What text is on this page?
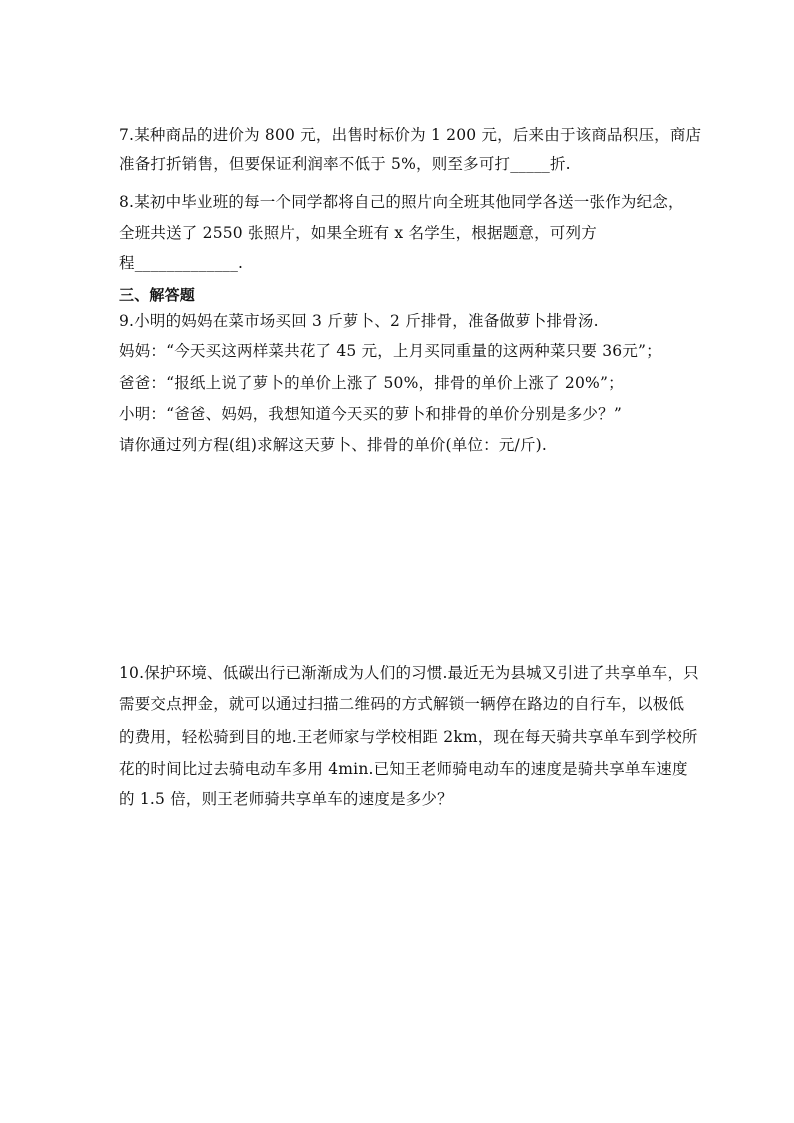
7.某种商品的进价为 800 元，出售时标价为 1 200 元，后来由于该商品积压，商店
准备打折销售，但要保证利润率不低于 5%，则至多可打_____折.
8.某初中毕业班的每一个同学都将自己的照片向全班其他同学各送一张作为纪念，
全班共送了 2550 张照片，如果全班有 x 名学生，根据题意，可列方
程_____________.
三、解答题
9.小明的妈妈在菜市场买回 3 斤萝卜、2 斤排骨，准备做萝卜排骨汤.
妈妈：“今天买这两样菜共花了 45 元，上月买同重量的这两种菜只要 36元”；
爸爸：“报纸上说了萝卜的单价上涨了 50%，排骨的单价上涨了 20%”；
小明：“爸爸、妈妈，我想知道今天买的萝卜和排骨的单价分别是多少？”
请你通过列方程(组)求解这天萝卜、排骨的单价(单位：元/斤).
10.保护环境、低碳出行已渐渐成为人们的习惯.最近无为县城又引进了共享单车，只
需要交点押金，就可以通过扫描二维码的方式解锁一辆停在路边的自行车，以极低
的费用，轻松骑到目的地.王老师家与学校相距 2km，现在每天骑共享单车到学校所
花的时间比过去骑电动车多用 4min.已知王老师骑电动车的速度是骑共享单车速度
的 1.5 倍，则王老师骑共享单车的速度是多少？
